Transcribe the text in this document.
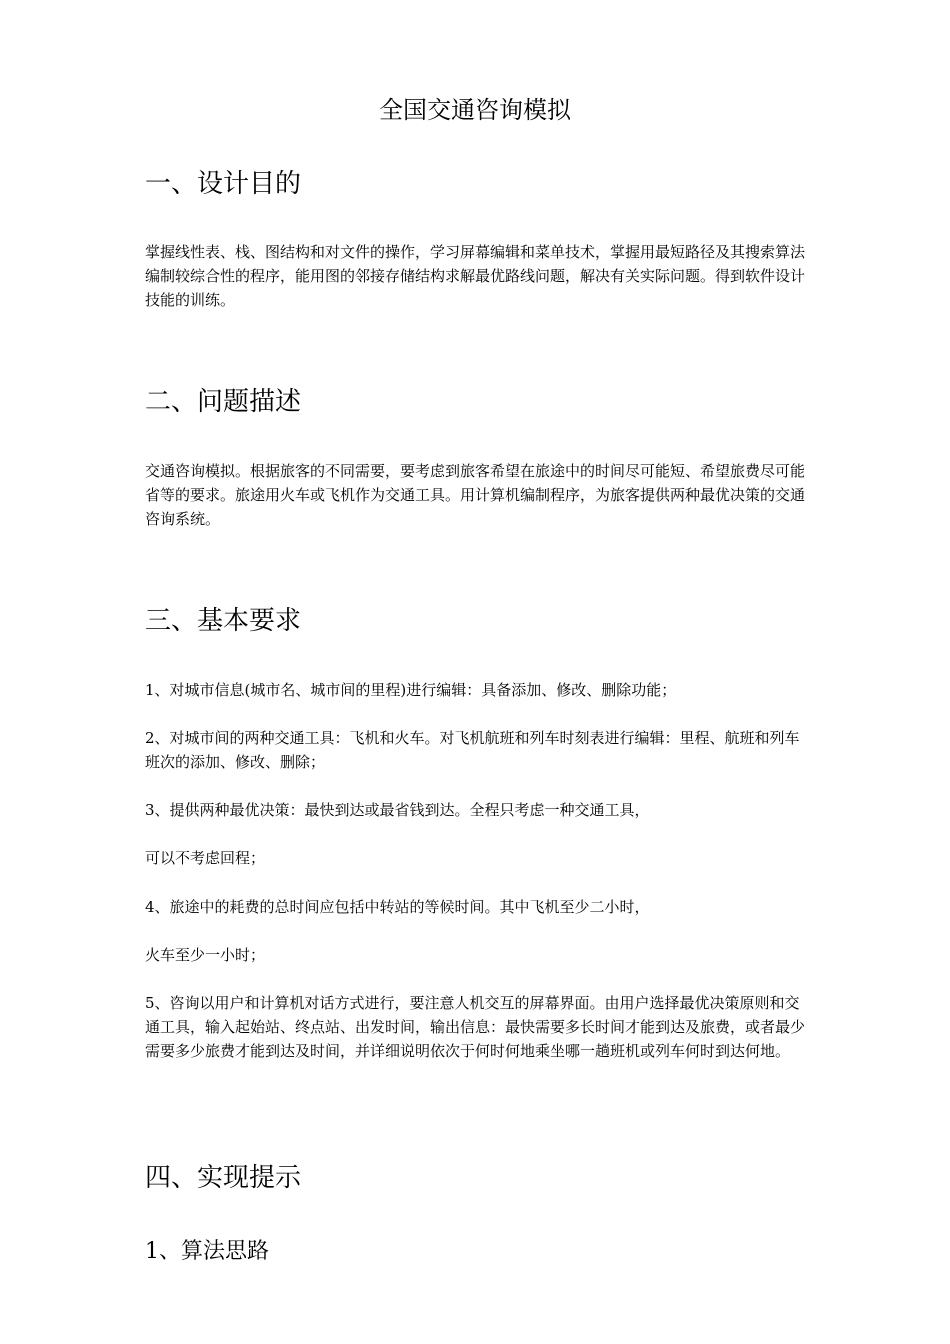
全国交通咨询模拟
一、设计目的

掌握线性表、栈、图结构和对文件的操作，学习屏幕编辑和菜单技术，掌握用最短路径及其搜索算法编制较综合性的程序，能用图的邻接存储结构求解最优路线问题，解决有关实际问题。得到软件设计技能的训练。

二、问题描述

交通咨询模拟。根据旅客的不同需要，要考虑到旅客希望在旅途中的时间尽可能短、希望旅费尽可能省等的要求。旅途用火车或飞机作为交通工具。用计算机编制程序，为旅客提供两种最优决策的交通咨询系统。

三、基本要求

1、对城市信息(城市名、城市间的里程)进行编辑：具备添加、修改、删除功能；

2、对城市间的两种交通工具：飞机和火车。对飞机航班和列车时刻表进行编辑：里程、航班和列车班次的添加、修改、删除；

3、提供两种最优决策：最快到达或最省钱到达。全程只考虑一种交通工具，

可以不考虑回程；

4、旅途中的耗费的总时间应包括中转站的等候时间。其中飞机至少二小时，

火车至少一小时；

5、咨询以用户和计算机对话方式进行，要注意人机交互的屏幕界面。由用户选择最优决策原则和交通工具，输入起始站、终点站、出发时间，输出信息：最快需要多长时间才能到达及旅费，或者最少需要多少旅费才能到达及时间，并详细说明依次于何时何地乘坐哪一趟班机或列车何时到达何地。

四、实现提示
1、算法思路
